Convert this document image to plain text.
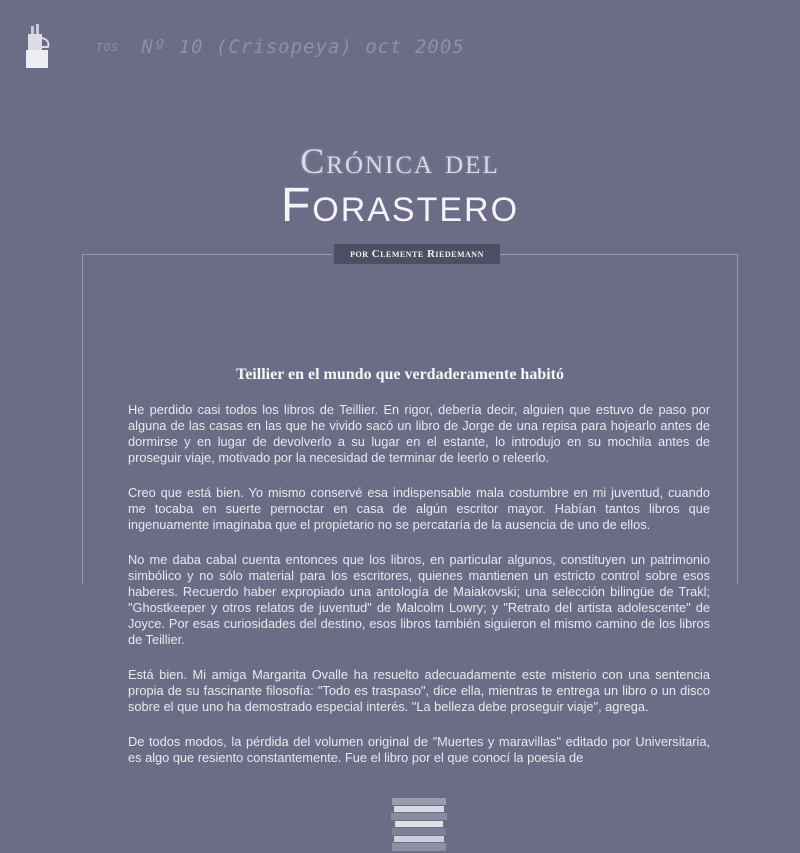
TOS Nº 10 (Crisopeya) oct 2005
Crónica del
Forastero
por Clemente Riedemann
Teillier en el mundo que verdaderamente habitó

He perdido casi todos los libros de Teillier. En rigor, debería decir, alguien que estuvo de paso por alguna de las casas en las que he vivido sacó un libro de Jorge de una repisa para hojearlo antes de dormirse y en lugar de devolverlo a su lugar en el estante, lo introdujo en su mochila antes de proseguir viaje, motivado por la necesidad de terminar de leerlo o releerlo.

Creo que está bien. Yo mismo conservé esa indispensable mala costumbre en mi juventud, cuando me tocaba en suerte pernoctar en casa de algún escritor mayor. Habían tantos libros que ingenuamente imaginaba que el propietario no se percataría de la ausencia de uno de ellos.

No me daba cabal cuenta entonces que los libros, en particular algunos, constituyen un patrimonio simbólico y no sólo material para los escritores, quienes mantienen un estricto control sobre esos haberes. Recuerdo haber expropiado una antología de Maiakovski; una selección bilingüe de Trakl; "Ghostkeeper y otros relatos de juventud" de Malcolm Lowry; y "Retrato del artista adolescente" de Joyce. Por esas curiosidades del destino, esos libros también siguieron el mismo camino de los libros de Teillier.

Está bien. Mi amiga Margarita Ovalle ha resuelto adecuadamente este misterio con una sentencia propia de su fascinante filosofía: "Todo es traspaso", dice ella, mientras te entrega un libro o un disco sobre el que uno ha demostrado especial interés. "La belleza debe proseguir viaje", agrega.

De todos modos, la pérdida del volumen original de "Muertes y maravillas" editado por Universitaria, es algo que resiento constantemente. Fue el libro por el que conocí la poesía de
